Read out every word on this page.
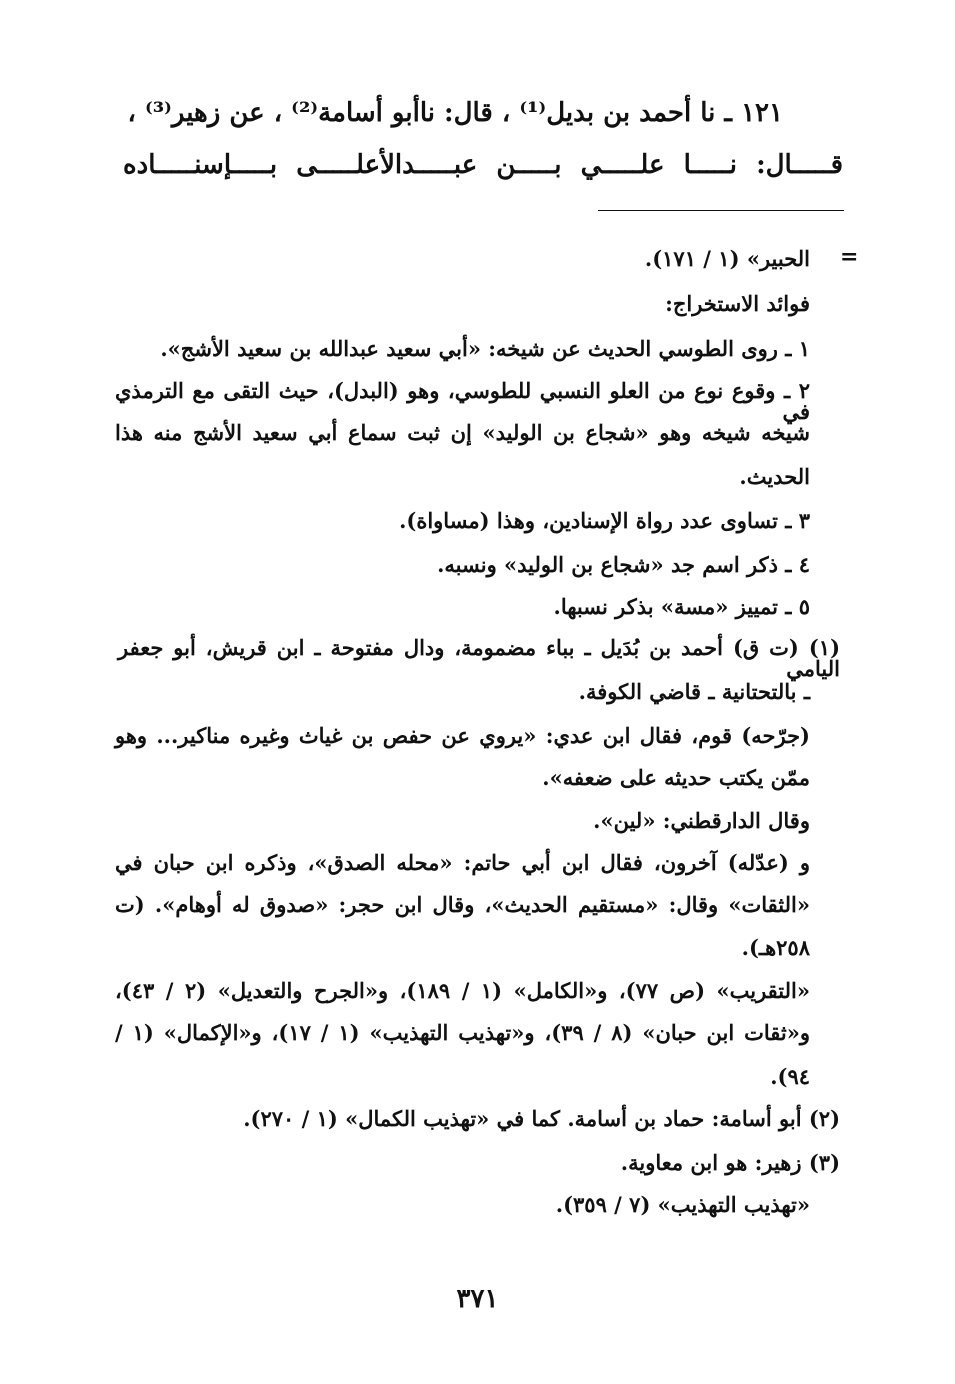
١٢١ ـ نا أحمد بن بديل⁽¹⁾ ، قال: ناأبو أسامة⁽²⁾ ، عن زهير⁽³⁾ ،
قـــــال: نـــــا علـــــي بـــــن عبـــــدالأعلـــــى بـــــإسنـــــاده
=
الحبير» (١ / ١٧١).
فوائد الاستخراج:
١ ـ روى الطوسي الحديث عن شيخه: «أبي سعيد عبدالله بن سعيد الأشج».
٢ ـ وقوع نوع من العلو النسبي للطوسي، وهو (البدل)، حيث التقى مع الترمذي في
شيخه شيخه وهو «شجاع بن الوليد» إن ثبت سماع أبي سعيد الأشج منه هذا
الحديث.
٣ ـ تساوى عدد رواة الإسنادين، وهذا (مساواة).
٤ ـ ذكر اسم جد «شجاع بن الوليد» ونسبه.
٥ ـ تمييز «مسة» بذكر نسبها.
(١) (ت ق) أحمد بن بُدَيل ـ بباء مضمومة، ودال مفتوحة ـ ابن قريش، أبو جعفر اليامي
ـ بالتحتانية ـ قاضي الكوفة.
(جرّحه) قوم، فقال ابن عدي: «يروي عن حفص بن غياث وغيره مناكير... وهو
ممّن يكتب حديثه على ضعفه».
وقال الدارقطني: «لين».
و (عدّله) آخرون، فقال ابن أبي حاتم: «محله الصدق»، وذكره ابن حبان في
«الثقات» وقال: «مستقيم الحديث»، وقال ابن حجر: «صدوق له أوهام». (ت
٢٥٨هـ).
«التقريب» (ص ٧٧)، و«الكامل» (١ / ١٨٩)، و«الجرح والتعديل» (٢ / ٤٣)،
و«ثقات ابن حبان» (٨ / ٣٩)، و«تهذيب التهذيب» (١ / ١٧)، و«الإكمال» (١ /
٩٤).
(٢) أبو أسامة: حماد بن أسامة. كما في «تهذيب الكمال» (١ / ٢٧٠).
(٣) زهير: هو ابن معاوية.
«تهذيب التهذيب» (٧ / ٣٥٩).
٣٧١
